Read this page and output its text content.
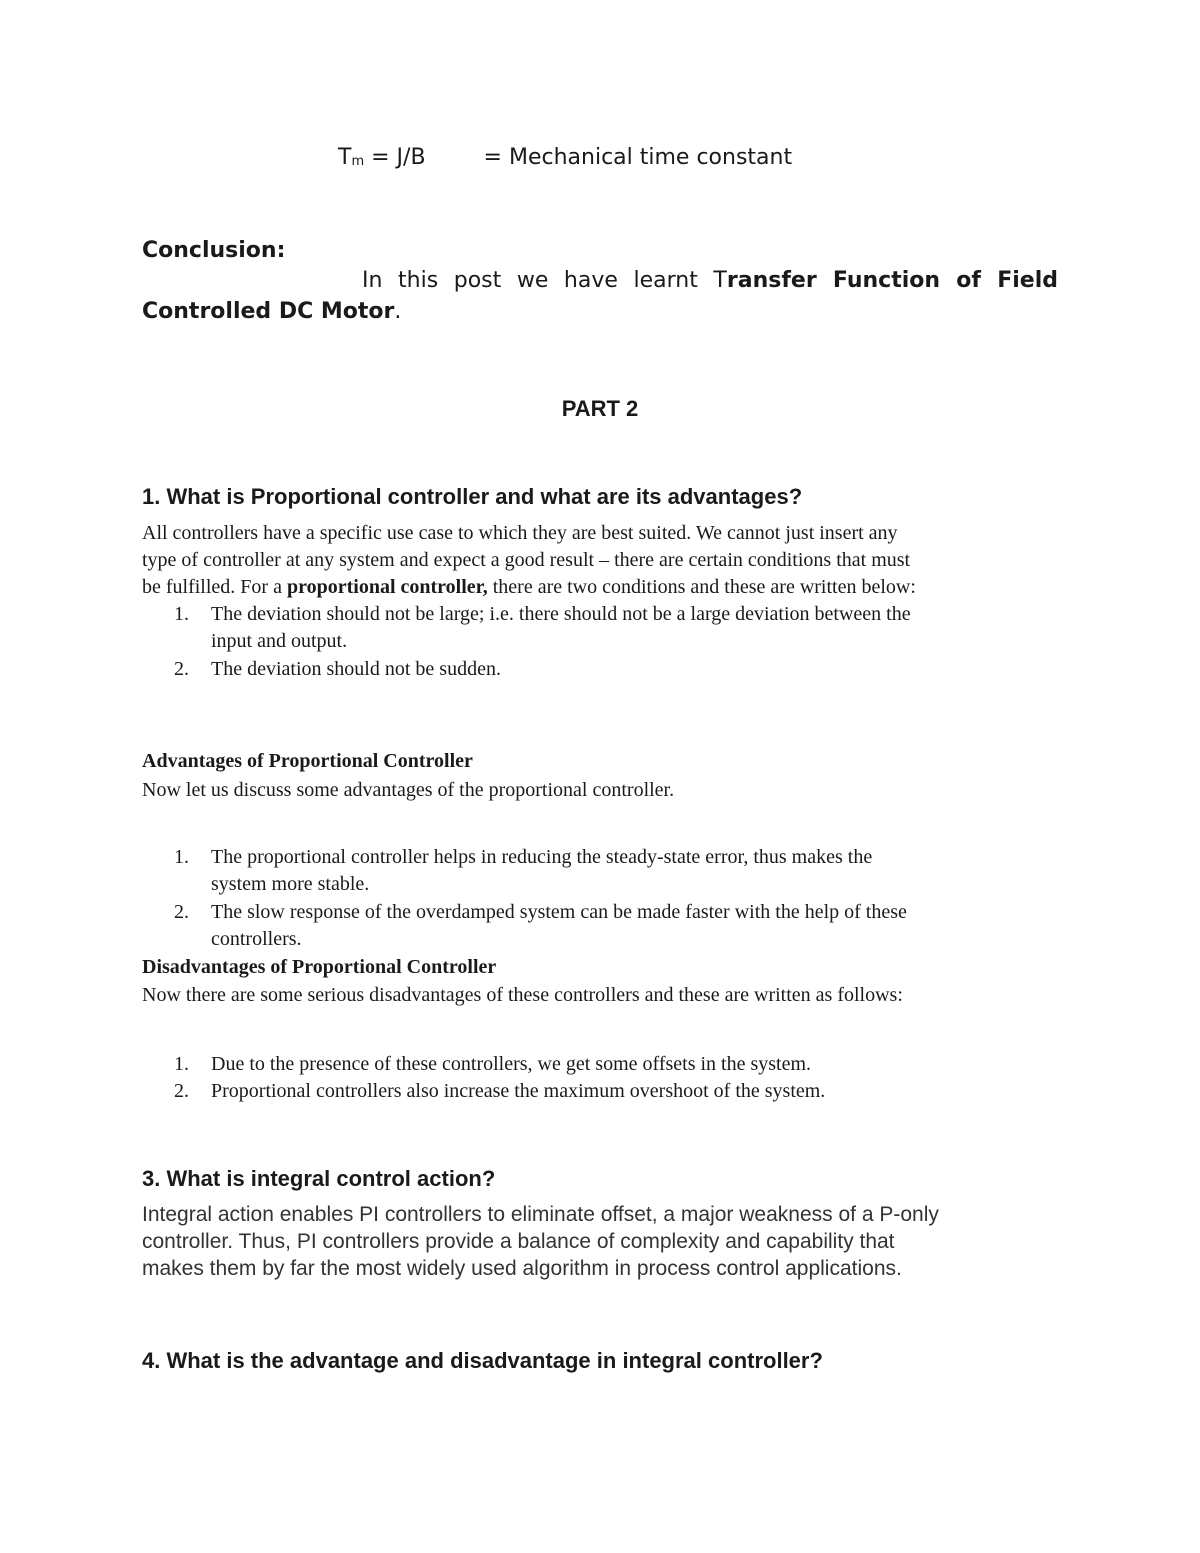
$T_m = J/B$	= Mechanical time constant
Conclusion:
In this post we have learnt Transfer Function of Field
Controlled DC Motor.
PART 2
1. What is Proportional controller and what are its advantages?
All controllers have a specific use case to which they are best suited. We cannot just insert any
type of controller at any system and expect a good result – there are certain conditions that must
be fulfilled. For a proportional controller, there are two conditions and these are written below:
1. The deviation should not be large; i.e. there should not be a large deviation between the
input and output.
2. The deviation should not be sudden.
Advantages of Proportional Controller
Now let us discuss some advantages of the proportional controller.
1. The proportional controller helps in reducing the steady-state error, thus makes the
system more stable.
2. The slow response of the overdamped system can be made faster with the help of these
controllers.
Disadvantages of Proportional Controller
Now there are some serious disadvantages of these controllers and these are written as follows:
1. Due to the presence of these controllers, we get some offsets in the system.
2. Proportional controllers also increase the maximum overshoot of the system.
3. What is integral control action?
Integral action enables PI controllers to eliminate offset, a major weakness of a P-only
controller. Thus, PI controllers provide a balance of complexity and capability that
makes them by far the most widely used algorithm in process control applications.
4. What is the advantage and disadvantage in integral controller?
